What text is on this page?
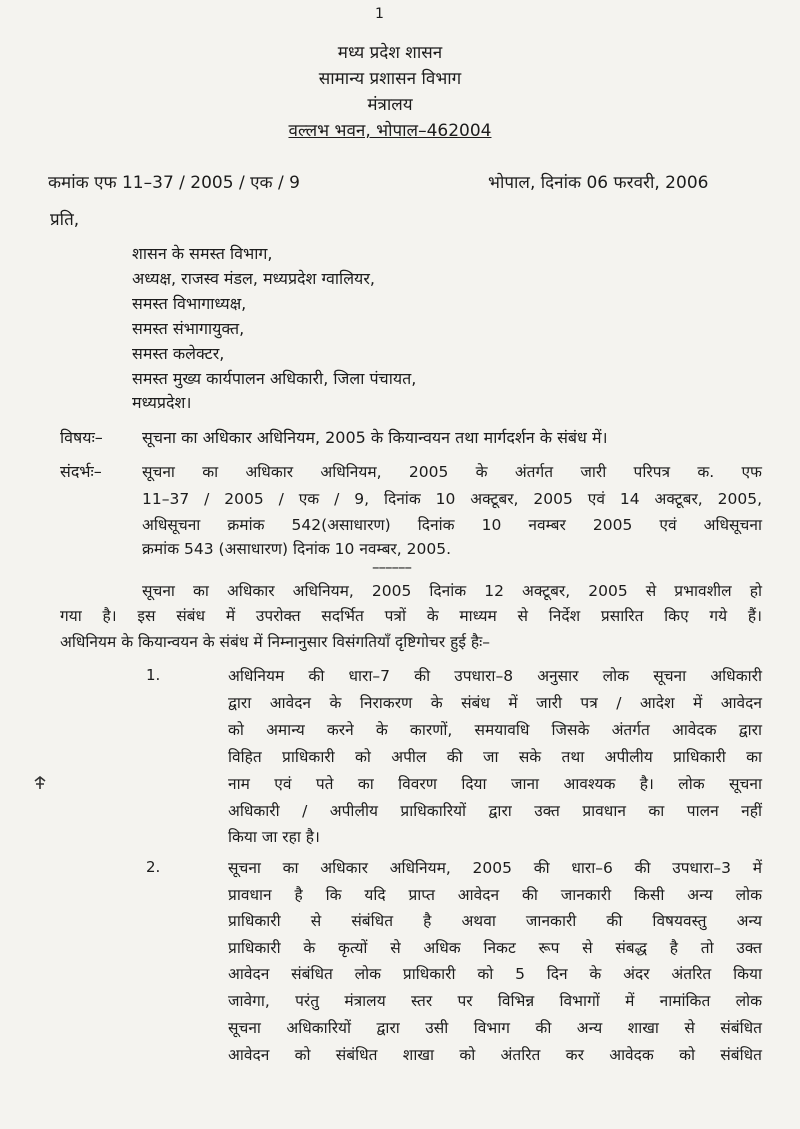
1
मध्य प्रदेश शासन
सामान्य प्रशासन विभाग
मंत्रालय
वल्लभ भवन, भोपाल–462004
कमांक एफ 11–37 / 2005 / एक / 9	भोपाल, दिनांक 06 फरवरी, 2006
प्रति,
शासन के समस्त विभाग,
अध्यक्ष, राजस्व मंडल, मध्यप्रदेश ग्वालियर,
समस्त विभागाध्यक्ष,
समस्त संभागायुक्त,
समस्त कलेक्टर,
समस्त मुख्य कार्यपालन अधिकारी, जिला पंचायत,
मध्यप्रदेश।
विषयः– सूचना का अधिकार अधिनियम, 2005 के कियान्वयन तथा मार्गदर्शन के संबंध में।
संदर्भः–	सूचना का अधिकार अधिनियम, 2005 के अंतर्गत जारी परिपत्र क. एफ
11–37 / 2005 / एक / 9, दिनांक 10 अक्टूबर, 2005 एवं 14 अक्टूबर, 2005,
अधिसूचना क्रमांक 542(असाधारण) दिनांक 10 नवम्बर 2005 एवं अधिसूचना
क्रमांक 543 (असाधारण) दिनांक 10 नवम्बर, 2005.
––––––
सूचना का अधिकार अधिनियम, 2005 दिनांक 12 अक्टूबर, 2005 से प्रभावशील हो
गया है। इस संबंध में उपरोक्त सदर्भित पत्रों के माध्यम से निर्देश प्रसारित किए गये हैं।
अधिनियम के कियान्वयन के संबंध में निम्नानुसार विसंगतियॉं दृष्टिगोचर हुई हैः–
1.	अधिनियम की धारा–7 की उपधारा–8 अनुसार लोक सूचना अधिकारी
द्वारा आवेदन के निराकरण के संबंध में जारी पत्र / आदेश में आवेदन
को अमान्य करने के कारणों, समयावधि जिसके अंतर्गत आवेदक द्वारा
विहित प्राधिकारी को अपील की जा सके तथा अपीलीय प्राधिकारी का
नाम एवं पते का विवरण दिया जाना आवश्यक है। लोक सूचना
अधिकारी / अपीलीय प्राधिकारियों द्वारा उक्त प्रावधान का पालन नहीं
किया जा रहा है।
2.	सूचना का अधिकार अधिनियम, 2005 की धारा–6 की उपधारा–3 में
प्रावधान है कि यदि प्राप्त आवेदन की जानकारी किसी अन्य लोक
प्राधिकारी से संबंधित है अथवा जानकारी की विषयवस्तु अन्य
प्राधिकारी के कृत्यों से अधिक निकट रूप से संबद्ध है तो उक्त
आवेदन संबंधित लोक प्राधिकारी को 5 दिन के अंदर अंतरित किया
जावेगा, परंतु मंत्रालय स्तर पर विभिन्न विभागों में नामांकित लोक
सूचना अधिकारियों द्वारा उसी विभाग की अन्य शाखा से संबंधित
आवेदन को संबंधित शाखा को अंतरित कर आवेदक को संबंधित
